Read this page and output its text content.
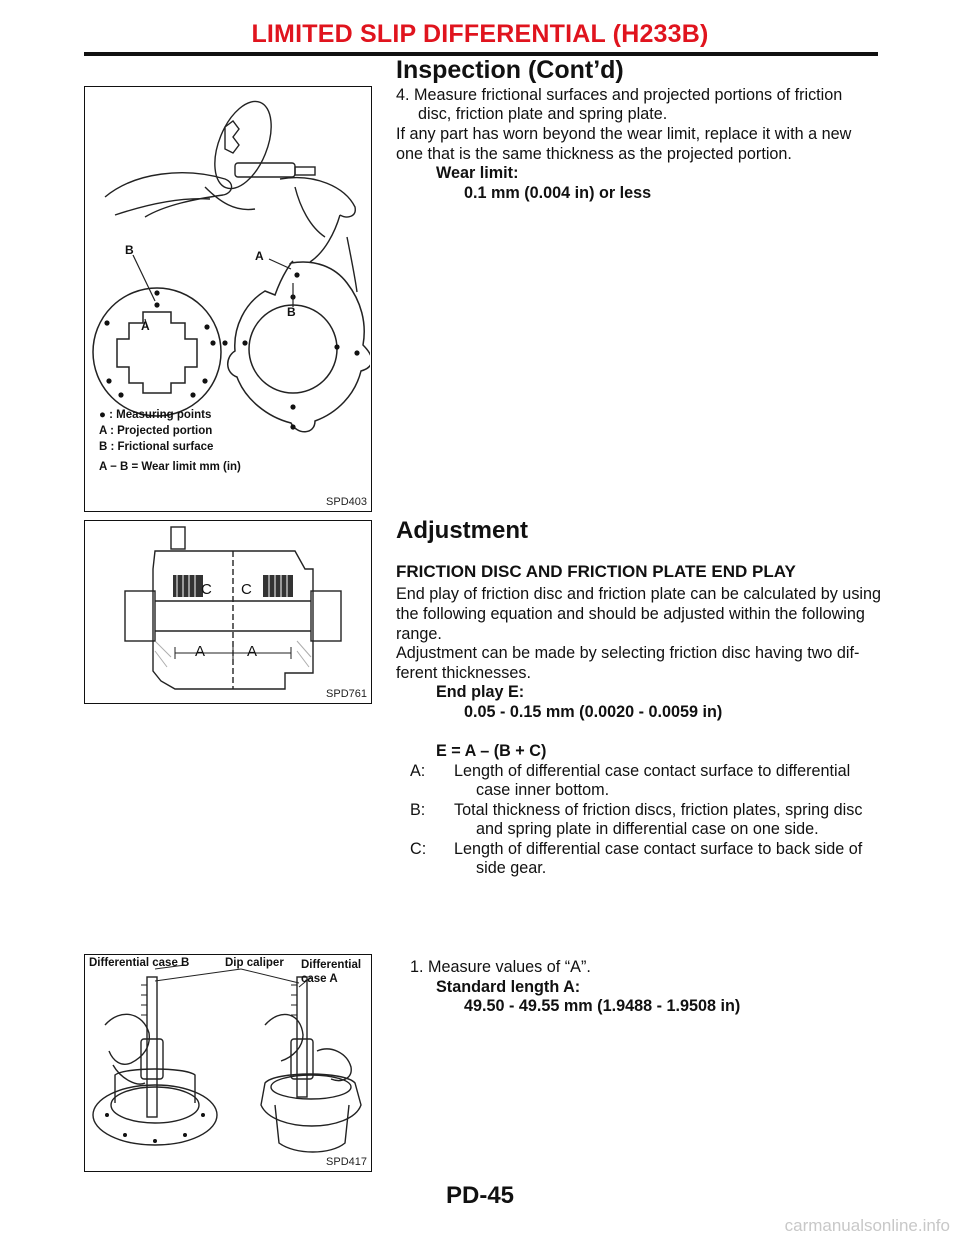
LIMITED SLIP DIFFERENTIAL (H233B)
Inspection (Cont’d)
B
A
A
B
● : Measuring points
A : Projected portion
B : Frictional surface
A − B = Wear limit mm (in)
SPD403
4. Measure frictional surfaces and projected portions of friction
disc, friction plate and spring plate.
If any part has worn beyond the wear limit, replace it with a new
one that is the same thickness as the projected portion.
Wear limit:
0.1 mm (0.004 in) or less
C C
A	A
SPD761
Adjustment
FRICTION DISC AND FRICTION PLATE END PLAY
End play of friction disc and friction plate can be calculated by using
the following equation and should be adjusted within the following
range.
Adjustment can be made by selecting friction disc having two dif-
ferent thicknesses.
End play E:
0.05 - 0.15 mm (0.0020 - 0.0059 in)
E = A – (B + C)
A: Length of differential case contact surface to differential
case inner bottom.
B: Total thickness of friction discs, friction plates, spring disc
and spring plate in differential case on one side.
C: Length of differential case contact surface to back side of
side gear.
Differential case B	Dip caliper Differential
case A
SPD417
1. Measure values of “A”.
Standard length A:
49.50 - 49.55 mm (1.9488 - 1.9508 in)
PD-45
carmanualsonline.info
